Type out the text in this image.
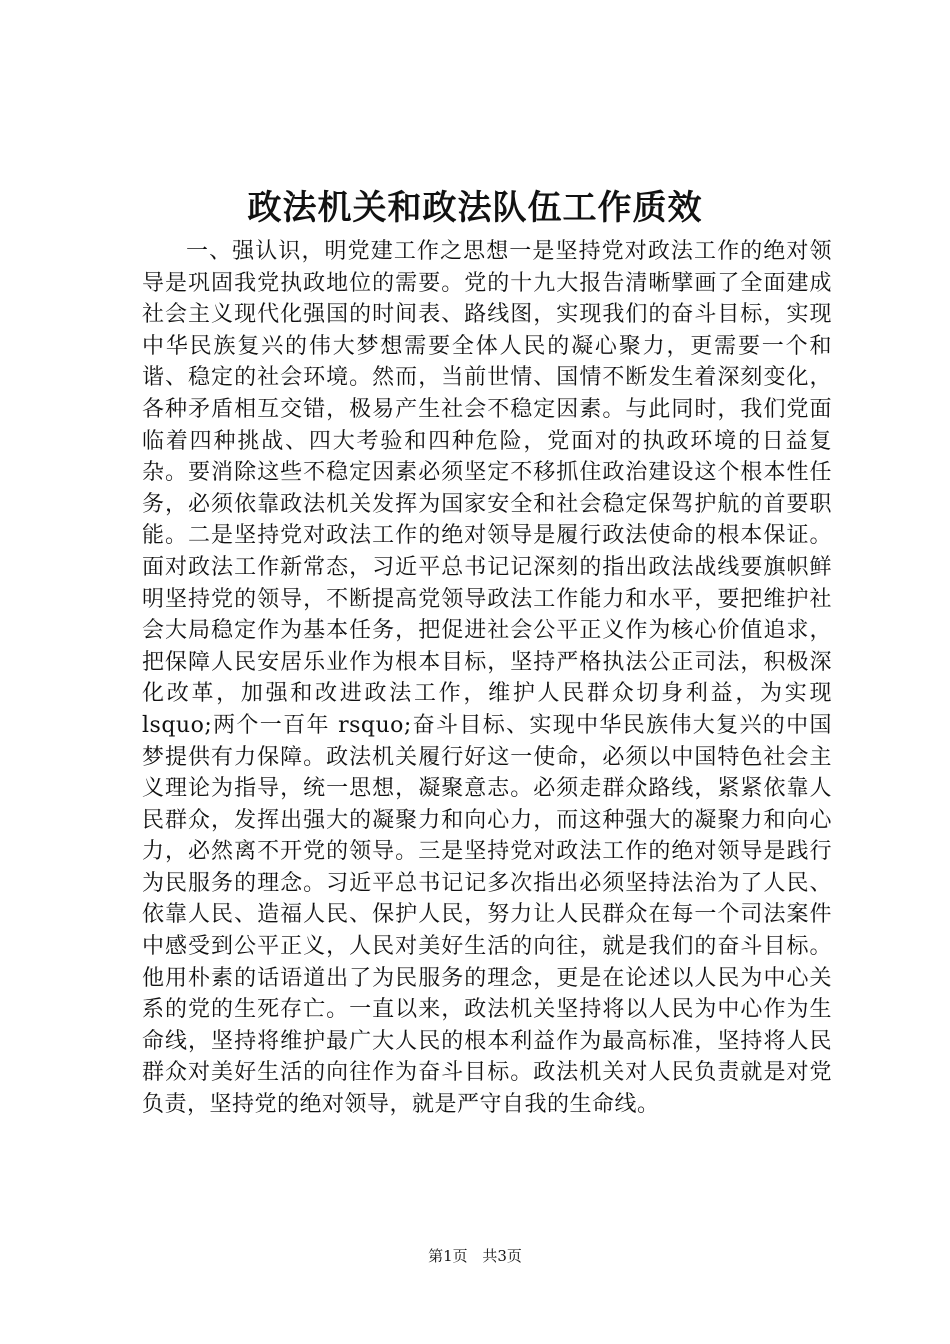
政法机关和政法队伍工作质效

一、强认识，明党建工作之思想一是坚持党对政法工作的绝对领导是巩固我党执政地位的需要。党的十九大报告清晰擘画了全面建成社会主义现代化强国的时间表、路线图，实现我们的奋斗目标，实现中华民族复兴的伟大梦想需要全体人民的凝心聚力，更需要一个和谐、稳定的社会环境。然而，当前世情、国情不断发生着深刻变化，各种矛盾相互交错，极易产生社会不稳定因素。与此同时，我们党面临着四种挑战、四大考验和四种危险，党面对的执政环境的日益复杂。要消除这些不稳定因素必须坚定不移抓住政治建设这个根本性任务，必须依靠政法机关发挥为国家安全和社会稳定保驾护航的首要职能。二是坚持党对政法工作的绝对领导是履行政法使命的根本保证。面对政法工作新常态，习近平总书记记深刻的指出政法战线要旗帜鲜明坚持党的领导，不断提高党领导政法工作能力和水平，要把维护社会大局稳定作为基本任务，把促进社会公平正义作为核心价值追求，把保障人民安居乐业作为根本目标，坚持严格执法公正司法，积极深化改革，加强和改进政法工作，维护人民群众切身利益，为实现 lsquo;两个一百年 rsquo;奋斗目标、实现中华民族伟大复兴的中国梦提供有力保障。政法机关履行好这一使命，必须以中国特色社会主义理论为指导，统一思想，凝聚意志。必须走群众路线，紧紧依靠人民群众，发挥出强大的凝聚力和向心力，而这种强大的凝聚力和向心力，必然离不开党的领导。三是坚持党对政法工作的绝对领导是践行为民服务的理念。习近平总书记记多次指出必须坚持法治为了人民、依靠人民、造福人民、保护人民，努力让人民群众在每一个司法案件中感受到公平正义，人民对美好生活的向往，就是我们的奋斗目标。他用朴素的话语道出了为民服务的理念，更是在论述以人民为中心关系的党的生死存亡。一直以来，政法机关坚持将以人民为中心作为生命线，坚持将维护最广大人民的根本利益作为最高标准，坚持将人民群众对美好生活的向往作为奋斗目标。政法机关对人民负责就是对党负责，坚持党的绝对领导，就是严守自我的生命线。

第1页 共3页
